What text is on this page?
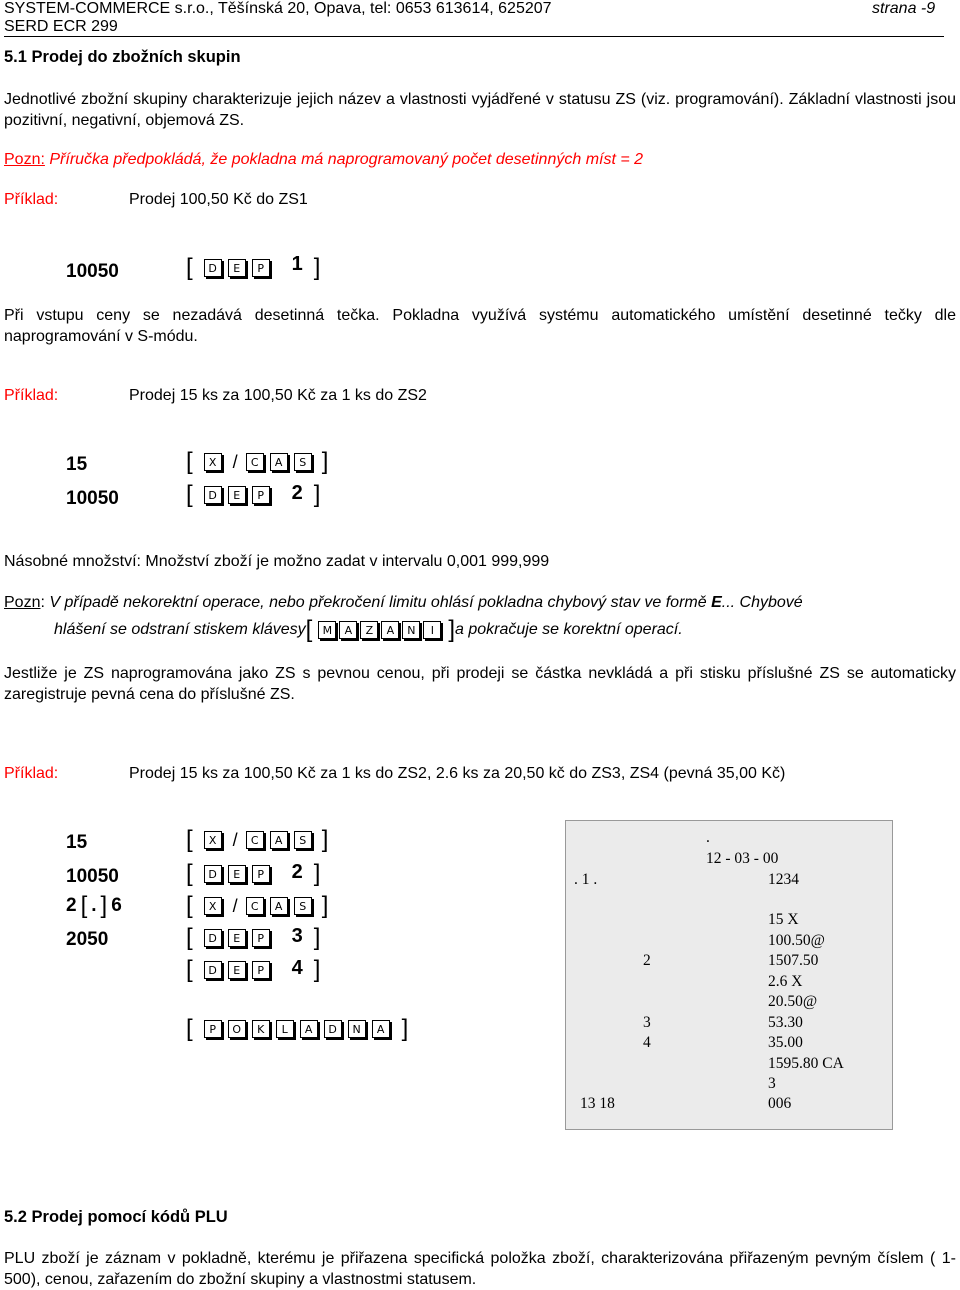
SYSTEM-COMMERCE s.r.o., Těšínská 20, Opava, tel: 0653 613614, 625207	strana -9
SERD ECR 299
5.1 Prodej do zbožních skupin
Jednotlivé zbožní skupiny charakterizuje jejich název a vlastnosti vyjádřené v statusu ZS (viz. programování). Základní vlastnosti jsou pozitivní, negativní, objemová ZS.
Pozn: Příručka předpokládá, že pokladna má naprogramovaný počet desetinných míst = 2
Příklad:	Prodej 100,50 Kč do ZS1
10050	[	D	E	P 1 ]
Při vstupu ceny se nezadává desetinná tečka. Pokladna využívá systému automatického umístění desetinné tečky dle naprogramování v S-módu.
Příklad:	Prodej 15 ks za 100,50 Kč za 1 ks do ZS2
15	[	X /	C	A	S ]
10050	[	D	E	P 2 ]
Násobné množství: Množství zboží je možno zadat v intervalu 0,001 999,999
Pozn: V případě nekorektní operace, nebo překročení limitu ohlásí pokladna chybový stav ve formě E... Chybové
hlášení se odstraní stiskem klávesy [ M	A	Z	A	N	I ] a pokračuje se korektní operací.
Jestliže je ZS naprogramována jako ZS s pevnou cenou, při prodeji se částka nevkládá a při stisku příslušné ZS se automaticky zaregistruje pevná cena do příslušné ZS.
Příklad:	Prodej 15 ks za 100,50 Kč za 1 ks do ZS2, 2.6 ks za 20,50 kč do ZS3, ZS4 (pevná 35,00 Kč)
15	[	X /	C	A	S ]
10050	[	D	E	P 2 ]
2 [ . ] 6	[	X /	C	A	S ]
2050	[	D	E	P 3 ]
[	D	E	P 4 ]
[	P	O	K	L	A	D	N	A ]
.
12 - 03 - 00
. 1 .	1234
15 X
100.50@
2	1507.50
2.6 X
20.50@
3	53.30
4	35.00
1595.80 CA
3
13 18	006
5.2 Prodej pomocí kódů PLU
PLU zboží je záznam v pokladně, kterému je přiřazena specifická položka zboží, charakterizována přiřazeným pevným číslem ( 1-500), cenou, zařazením do zbožní skupiny a vlastnostmi statusem.
